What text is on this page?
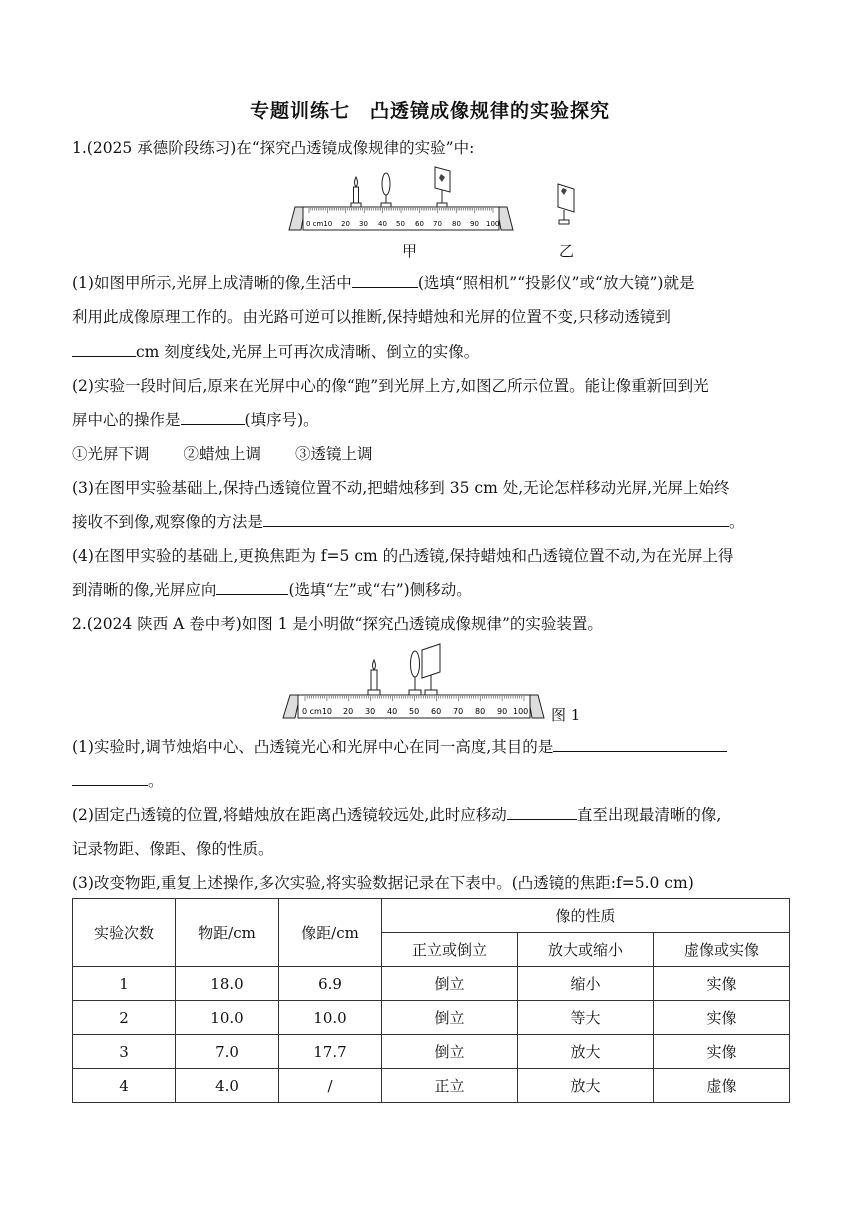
专题训练七　凸透镜成像规律的实验探究
1.(2025 承德阶段练习)在“探究凸透镜成像规律的实验”中:
0 cm10 20 30 40 50 60 70 80 90 100
甲	乙
(1)如图甲所示,光屏上成清晰的像,生活中	(选填“照相机”“投影仪”或“放大镜”)就是
利用此成像原理工作的。由光路可逆可以推断,保持蜡烛和光屏的位置不变,只移动透镜到
cm 刻度线处,光屏上可再次成清晰、倒立的实像。
(2)实验一段时间后,原来在光屏中心的像“跑”到光屏上方,如图乙所示位置。能让像重新回到光
屏中心的操作是	(填序号)。
①光屏下调 ②蜡烛上调 ③透镜上调
(3)在图甲实验基础上,保持凸透镜位置不动,把蜡烛移到 35 cm 处,无论怎样移动光屏,光屏上始终
接收不到像,观察像的方法是	。
(4)在图甲实验的基础上,更换焦距为 f=5 cm 的凸透镜,保持蜡烛和凸透镜位置不动,为在光屏上得
到清晰的像,光屏应向	(选填“左”或“右”)侧移动。
2.(2024 陕西 A 卷中考)如图 1 是小明做“探究凸透镜成像规律”的实验装置。
0 cm10 20 30 40 50 60 70 80 90 100 图 1
(1)实验时,调节烛焰中心、凸透镜光心和光屏中心在同一高度,其目的是
。
(2)固定凸透镜的位置,将蜡烛放在距离凸透镜较远处,此时应移动	直至出现最清晰的像,
记录物距、像距、像的性质。
(3)改变物距,重复上述操作,多次实验,将实验数据记录在下表中。(凸透镜的焦距:f=5.0 cm)
实验次数	物距/cm	像距/cm	像的性质		
			正立或倒立	放大或缩小	虚像或实像
1	18.0	6.9	倒立	缩小	实像
2	10.0	10.0	倒立	等大	实像
3	7.0	17.7	倒立	放大	实像
4	4.0	/	正立	放大	虚像
